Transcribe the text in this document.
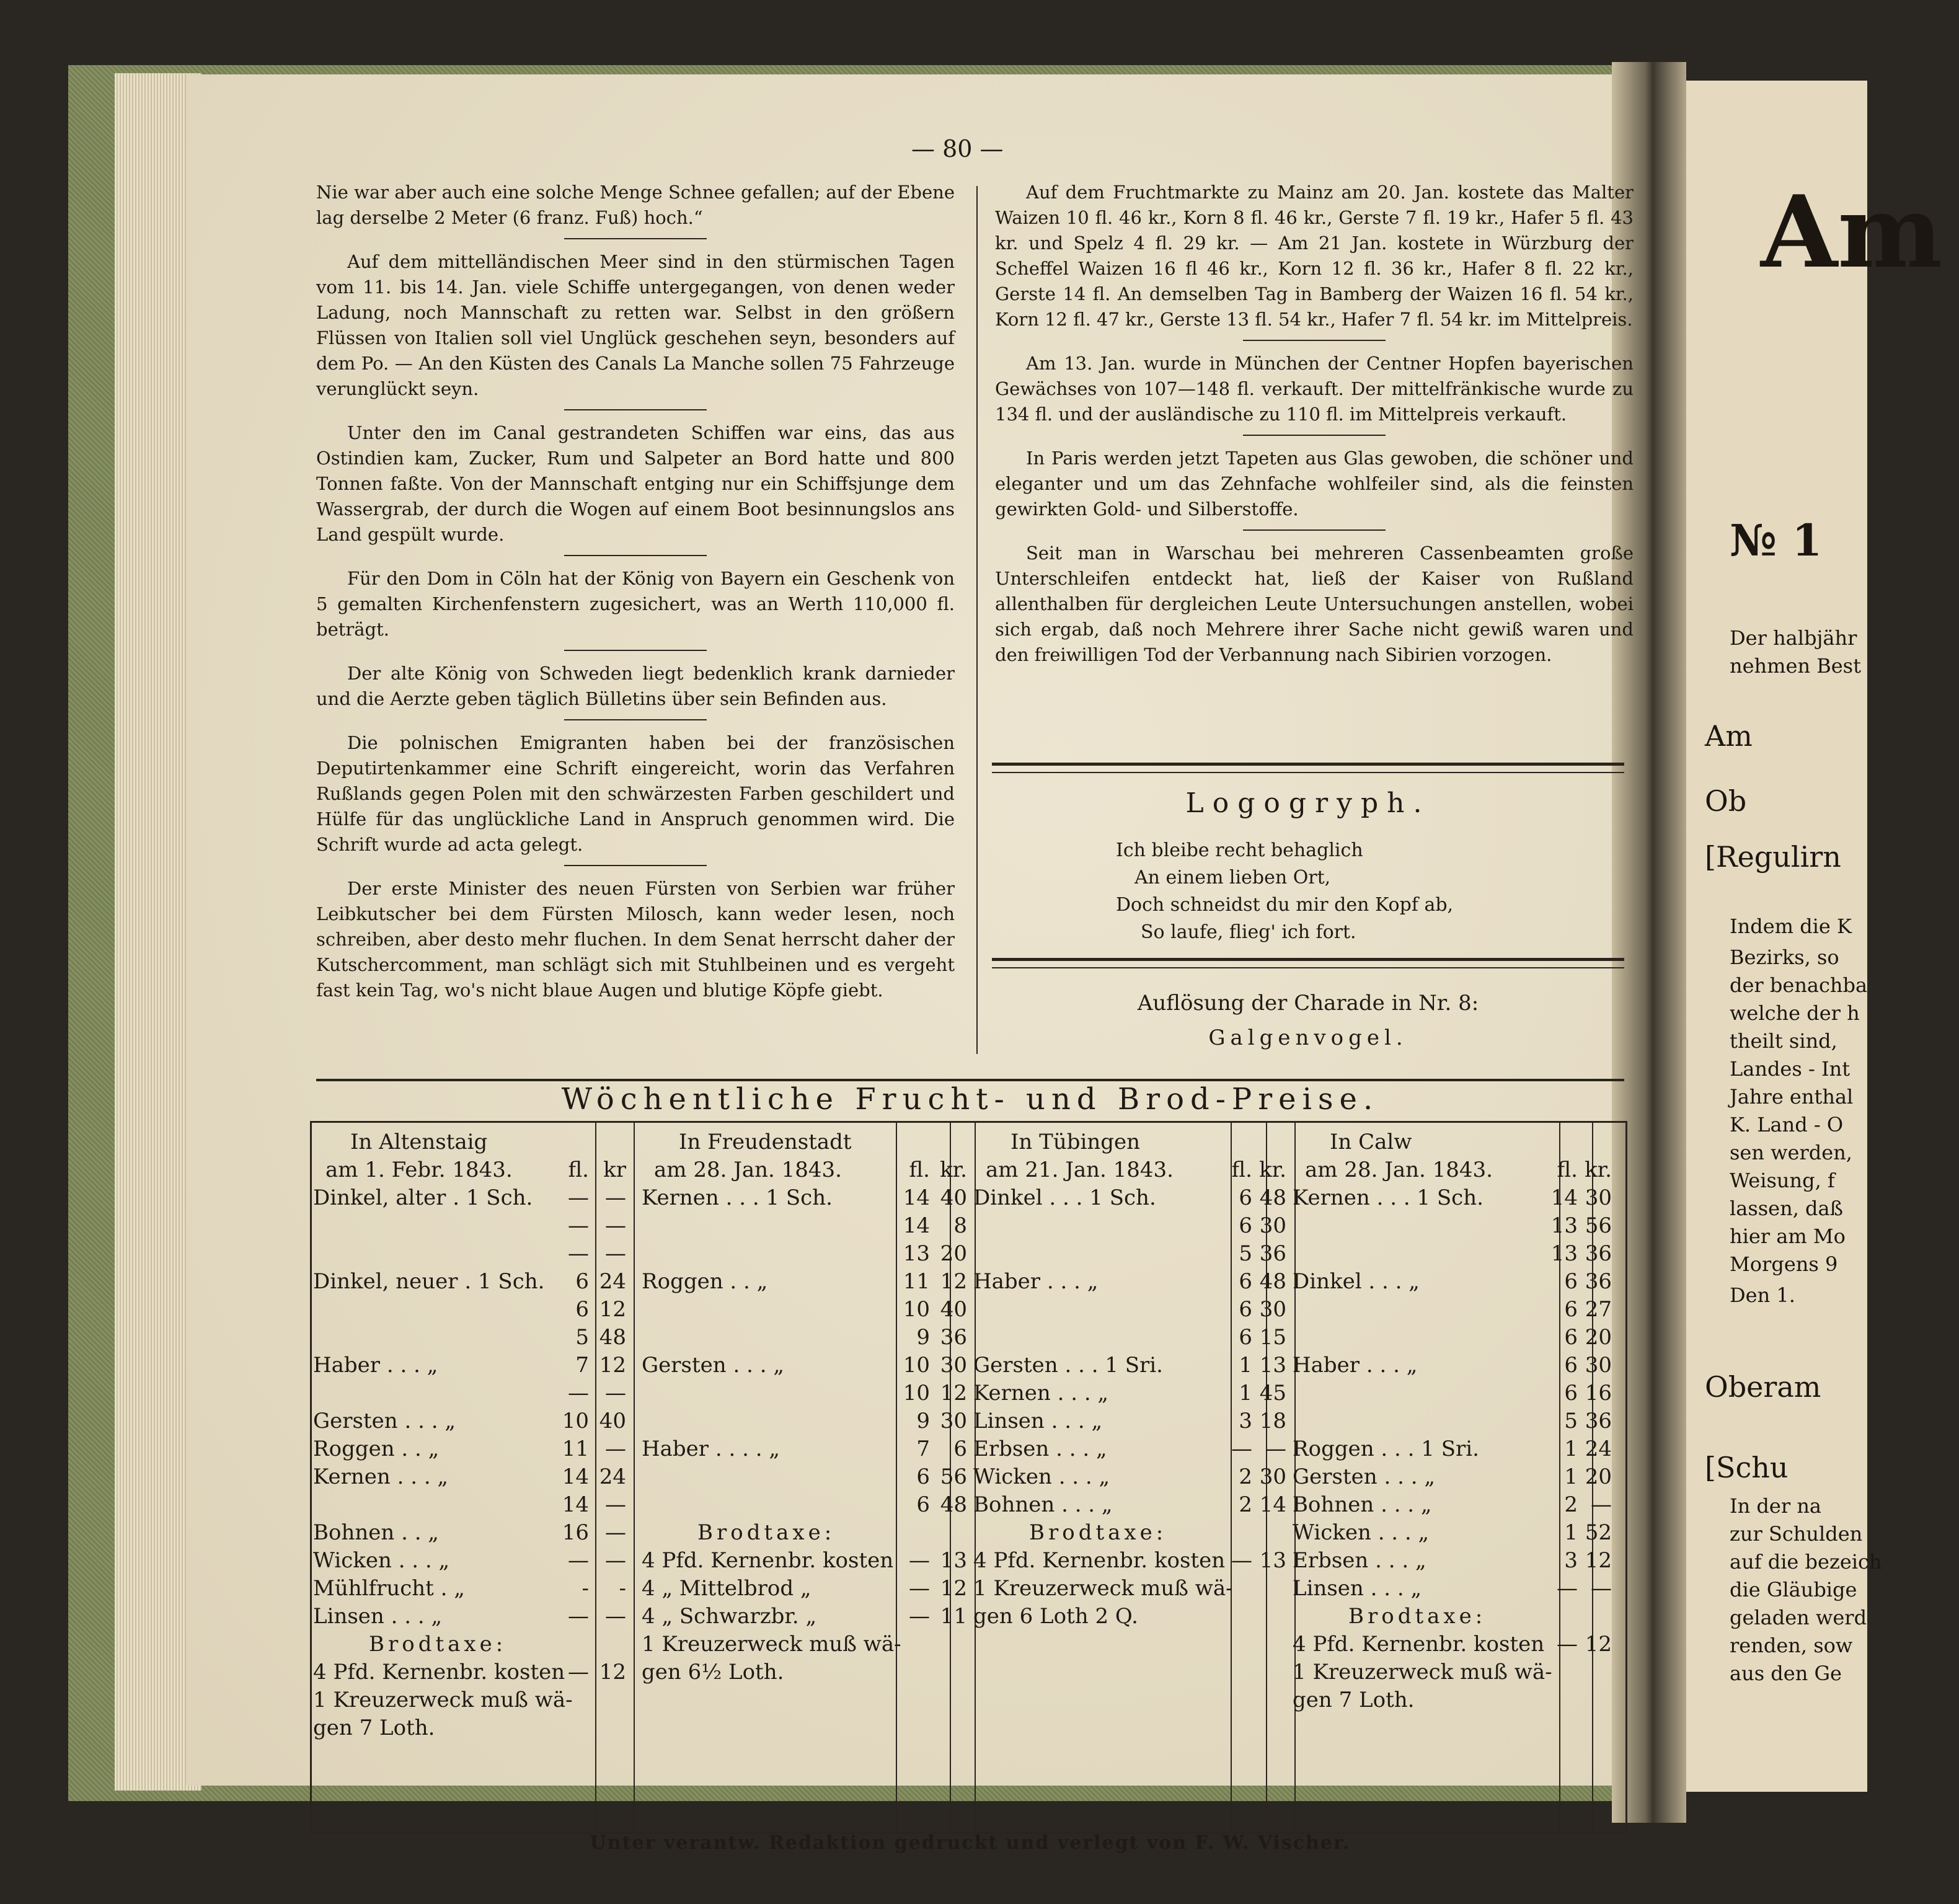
Am
№ 1
Der halbjähr
nehmen Best
Am
Ob
[Regulirn
Indem die K
Bezirks, so
der benachba
welche der h
theilt sind,
Landes - Int
Jahre enthal
K. Land - O
sen werden,
Weisung, f
lassen, daß
hier am Mo
Morgens 9
Den 1.
Oberam
[Schu
In der na
zur Schulden
auf die bezeich
die Gläubige
geladen werd
renden, sow
aus den Ge
— 80 —

Nie war aber auch eine solche Menge Schnee gefallen; auf der Ebene lag derselbe 2 Meter (6 franz. Fuß) hoch.“

Auf dem mittelländischen Meer sind in den stürmischen Tagen vom 11. bis 14. Jan. viele Schiffe untergegangen, von denen weder Ladung, noch Mannschaft zu retten war. Selbst in den größern Flüssen von Italien soll viel Unglück geschehen seyn, besonders auf dem Po. — An den Küsten des Canals La Manche sollen 75 Fahrzeuge verunglückt seyn.

Unter den im Canal gestrandeten Schiffen war eins, das aus Ostindien kam, Zucker, Rum und Salpeter an Bord hatte und 800 Tonnen faßte. Von der Mannschaft entging nur ein Schiffsjunge dem Wassergrab, der durch die Wogen auf einem Boot besinnungslos ans Land gespült wurde.

Für den Dom in Cöln hat der König von Bayern ein Geschenk von 5 gemalten Kirchenfenstern zugesichert, was an Werth 110,000 fl. beträgt.

Der alte König von Schweden liegt bedenklich krank darnieder und die Aerzte geben täglich Bülletins über sein Befinden aus.

Die polnischen Emigranten haben bei der französischen Deputirtenkammer eine Schrift eingereicht, worin das Verfahren Rußlands gegen Polen mit den schwärzesten Farben geschildert und Hülfe für das unglückliche Land in Anspruch genommen wird. Die Schrift wurde ad acta gelegt.

Der erste Minister des neuen Fürsten von Serbien war früher Leibkutscher bei dem Fürsten Milosch, kann weder lesen, noch schreiben, aber desto mehr fluchen. In dem Senat herrscht daher der Kutschercomment, man schlägt sich mit Stuhlbeinen und es vergeht fast kein Tag, wo's nicht blaue Augen und blutige Köpfe giebt.

Auf dem Fruchtmarkte zu Mainz am 20. Jan. kostete das Malter Waizen 10 fl. 46 kr., Korn 8 fl. 46 kr., Gerste 7 fl. 19 kr., Hafer 5 fl. 43 kr. und Spelz 4 fl. 29 kr. — Am 21 Jan. kostete in Würzburg der Scheffel Waizen 16 fl 46 kr., Korn 12 fl. 36 kr., Hafer 8 fl. 22 kr., Gerste 14 fl. An demselben Tag in Bamberg der Waizen 16 fl. 54 kr., Korn 12 fl. 47 kr., Gerste 13 fl. 54 kr., Hafer 7 fl. 54 kr. im Mittelpreis.

Am 13. Jan. wurde in München der Centner Hopfen bayerischen Gewächses von 107—148 fl. verkauft. Der mittelfränkische wurde zu 134 fl. und der ausländische zu 110 fl. im Mittelpreis verkauft.

In Paris werden jetzt Tapeten aus Glas gewoben, die schöner und eleganter und um das Zehnfache wohlfeiler sind, als die feinsten gewirkten Gold- und Silberstoffe.

Seit man in Warschau bei mehreren Cassenbeamten große Unterschleifen entdeckt hat, ließ der Kaiser von Rußland allenthalben für dergleichen Leute Untersuchungen anstellen, wobei sich ergab, daß noch Mehrere ihrer Sache nicht gewiß waren und den freiwilligen Tod der Verbannung nach Sibirien vorzogen.

Logogryph.
Ich bleibe recht behaglich
An einem lieben Ort,
Doch schneidst du mir den Kopf ab,
So laufe, flieg' ich fort.
Auflösung der Charade in Nr. 8:
Galgenvogel.
Wöchentliche Frucht- und Brod-Preise.
In Altenstaig
am 1. Febr. 1843.	fl. kr
Dinkel, alter . 1 Sch.	— —
— —
— —
Dinkel, neuer . 1 Sch.	6 24
6 12
5 48
Haber . . . „	7 12
— —
Gersten . . . „	10 40
Roggen . . „	11 —
Kernen . . . „	14 24
14 —
Bohnen . . „	16 —
Wicken . . . „	— —
Mühlfrucht . „	-	-
Linsen . . . „	— —
Brodtaxe:
4 Pfd. Kernenbr. kosten — 12
1 Kreuzerweck muß wä-
gen 7 Loth.
In Freudenstadt
am 28. Jan. 1843.	fl. kr.
Kernen . . . 1 Sch.	14 40
14	8
13 20
Roggen . . „	11 12
10 40
9 36
Gersten . . . „	10 30
10 12
9 30
Haber . . . . „	7	6
6 56
6 48
Brodtaxe:
4 Pfd. Kernenbr. kosten — 13
4 „ Mittelbrod „	— 12
4 „ Schwarzbr. „	— 11
1 Kreuzerweck muß wä-
gen 6½ Loth.
In Tübingen
am 21. Jan. 1843.	fl. kr.
Dinkel . . . 1 Sch.	6 48
6 30
5 36
Haber . . . „	6 48
6 30
6 15
Gersten . . . 1 Sri.	1 13
Kernen . . . „	1 45
Linsen . . . „	3 18
Erbsen . . . „	— —
Wicken . . . „	2 30
Bohnen . . . „	2 14
Brodtaxe:
4 Pfd. Kernenbr. kosten — 13
1 Kreuzerweck muß wä-
gen 6 Loth 2 Q.
In Calw
am 28. Jan. 1843.	fl. kr.
Kernen . . . 1 Sch.	14 30
13 56
13 36
Dinkel . . . „	6 36
6 27
6 20
Haber . . . „	6 30
6 16
5 36
Roggen . . . 1 Sri.	1 24
Gersten . . . „	1 20
Bohnen . . . „	2 —
Wicken . . . „	1 52
Erbsen . . . „	3 12
Linsen . . . „	— —
Brodtaxe:
4 Pfd. Kernenbr. kosten — 12
1 Kreuzerweck muß wä-
gen 7 Loth.
Unter verantw. Redaktion gedruckt und verlegt von F. W. Vischer.
